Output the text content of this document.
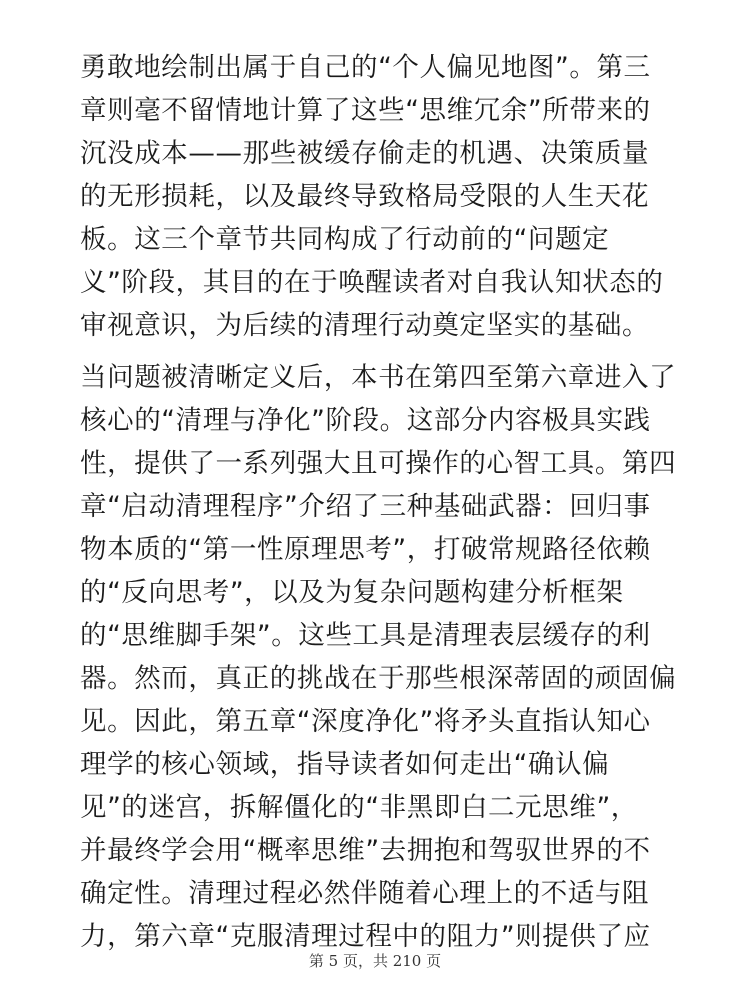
勇敢地绘制出属于自己的“个人偏见地图”。第三
章则毫不留情地计算了这些“思维冗余”所带来的
沉没成本——那些被缓存偷走的机遇、决策质量
的无形损耗，以及最终导致格局受限的人生天花
板。这三个章节共同构成了行动前的“问题定
义”阶段，其目的在于唤醒读者对自我认知状态的
审视意识，为后续的清理行动奠定坚实的基础。
当问题被清晰定义后，本书在第四至第六章进入了
核心的“清理与净化”阶段。这部分内容极具实践
性，提供了一系列强大且可操作的心智工具。第四
章“启动清理程序”介绍了三种基础武器：回归事
物本质的“第一性原理思考”，打破常规路径依赖
的“反向思考”，以及为复杂问题构建分析框架
的“思维脚手架”。这些工具是清理表层缓存的利
器。然而，真正的挑战在于那些根深蒂固的顽固偏
见。因此，第五章“深度净化”将矛头直指认知心
理学的核心领域，指导读者如何走出“确认偏
见”的迷宫，拆解僵化的“非黑即白二元思维”，
并最终学会用“概率思维”去拥抱和驾驭世界的不
确定性。清理过程必然伴随着心理上的不适与阻
力，第六章“克服清理过程中的阻力”则提供了应
第 5 页，共 210 页
